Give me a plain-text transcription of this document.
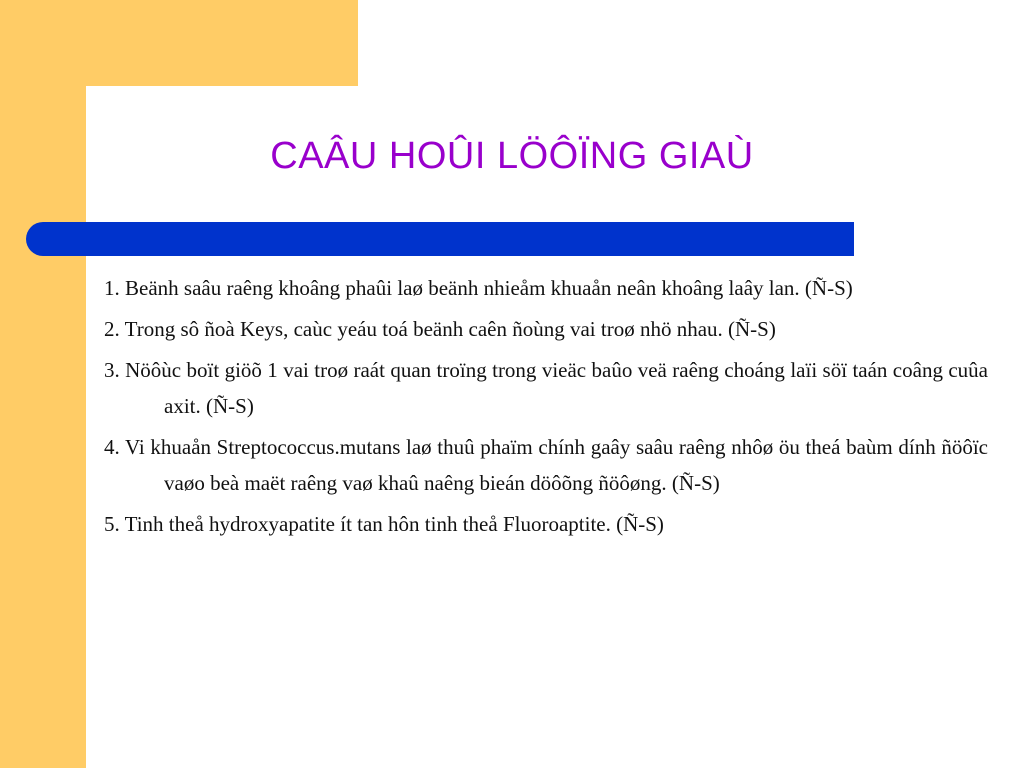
CAÂU HOÛI LÖÔÏNG GIAÙ

1. Beänh saâu raêng khoâng phaûi laø beänh nhieåm khuaån neân khoâng laây lan. (Ñ-S)

2. Trong sô ñoà Keys, caùc yeáu toá beänh caên ñoùng vai troø nhö nhau. (Ñ-S)

3. Nöôùc boït giöõ 1 vai troø raát quan troïng trong vieäc baûo veä raêng choáng laïi söï taán coâng cuûa axit. (Ñ-S)

4. Vi khuaån Streptococcus.mutans laø thuû phaïm chính gaây saâu raêng nhôø öu theá baùm dính ñöôïc vaøo beà maët raêng vaø khaû naêng bieán döôõng ñöôøng. (Ñ-S)

5. Tinh theå hydroxyapatite ít tan hôn tinh theå Fluoroaptite. (Ñ-S)
